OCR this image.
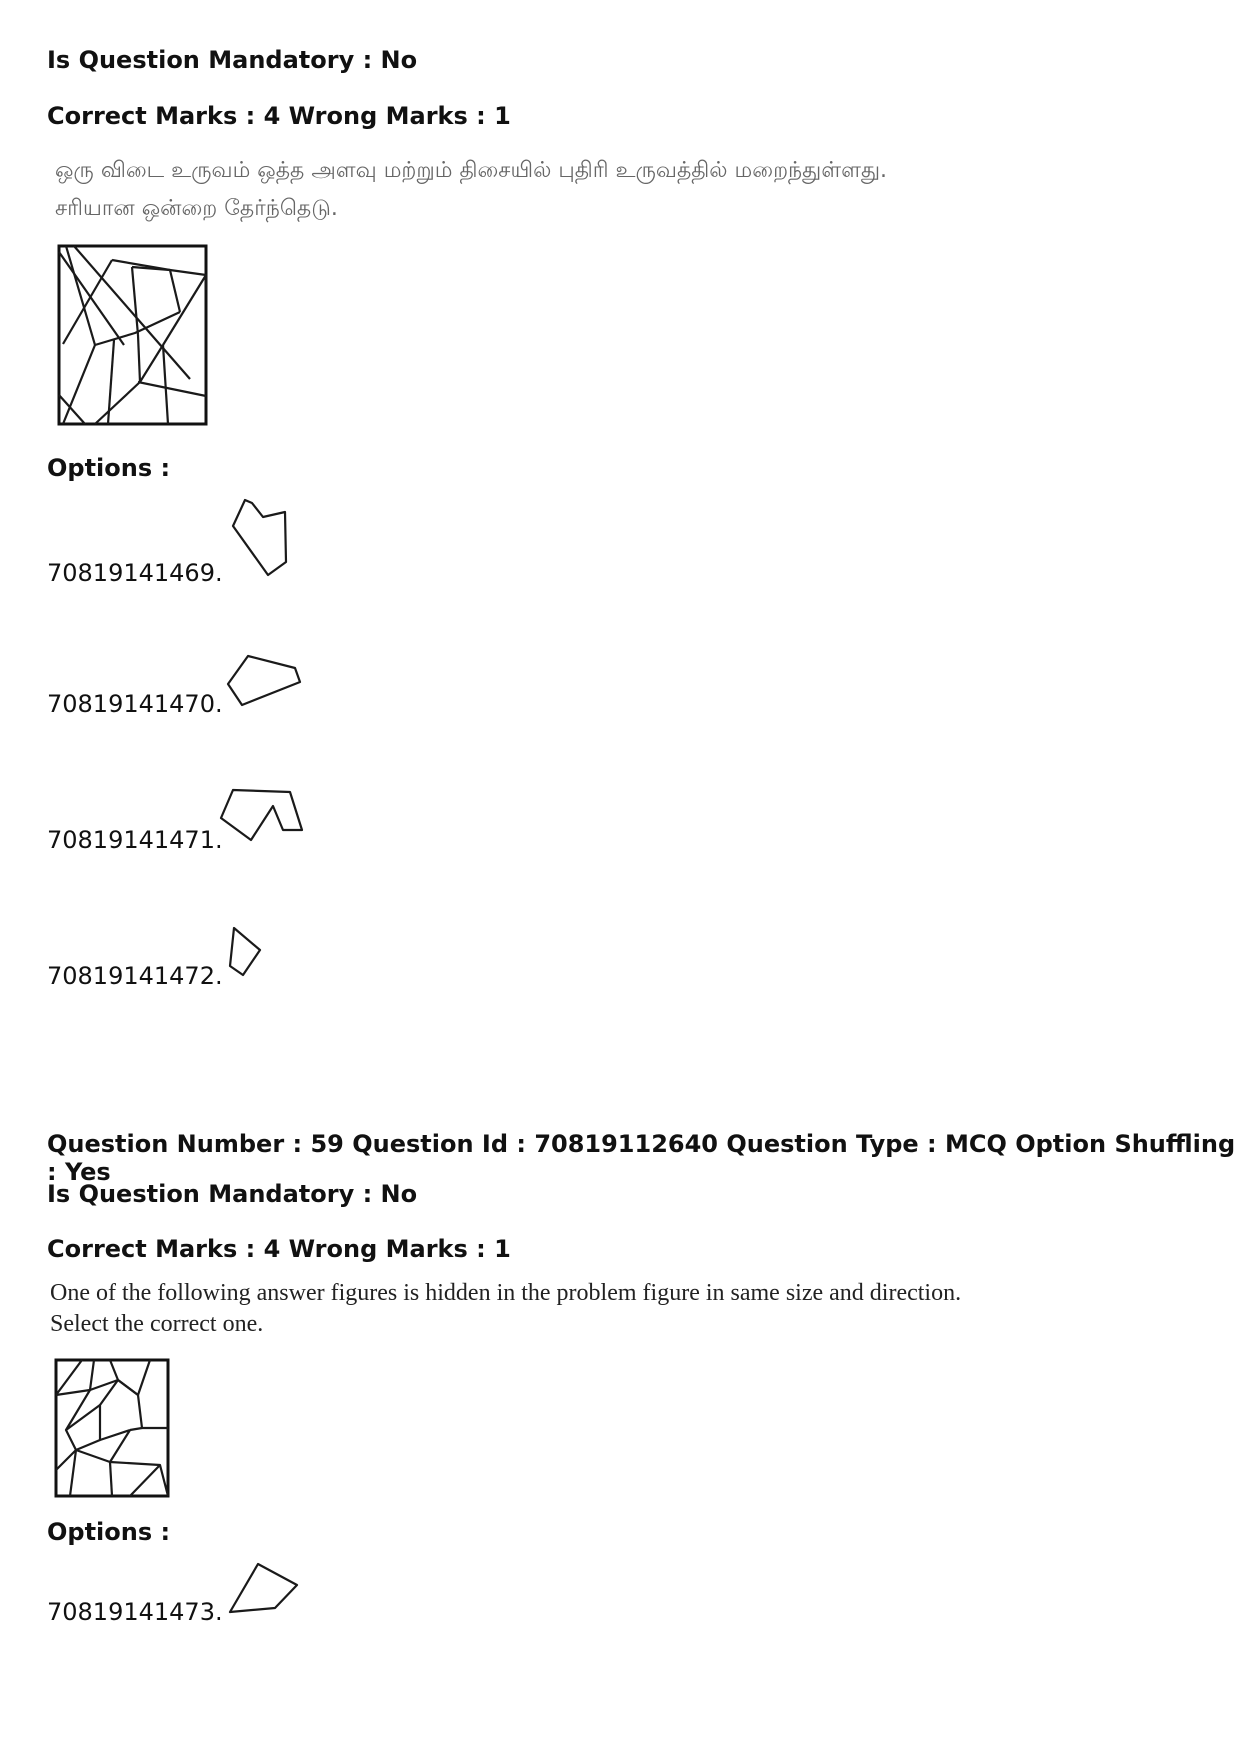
Is Question Mandatory : No
Correct Marks : 4 Wrong Marks : 1
ஒரு விடை உருவம் ஒத்த அளவு மற்றும் திசையில் புதிரி உருவத்தில் மறைந்துள்ளது.
சரியான ஒன்றை தேர்ந்தெடு.
Options :
70819141469.
70819141470.
70819141471.
70819141472.
Question Number : 59 Question Id : 70819112640 Question Type : MCQ Option Shuffling : Yes
Is Question Mandatory : No
Correct Marks : 4 Wrong Marks : 1
One of the following answer figures is hidden in the problem figure in same size and direction.
Select the correct one.
Options :
70819141473.
